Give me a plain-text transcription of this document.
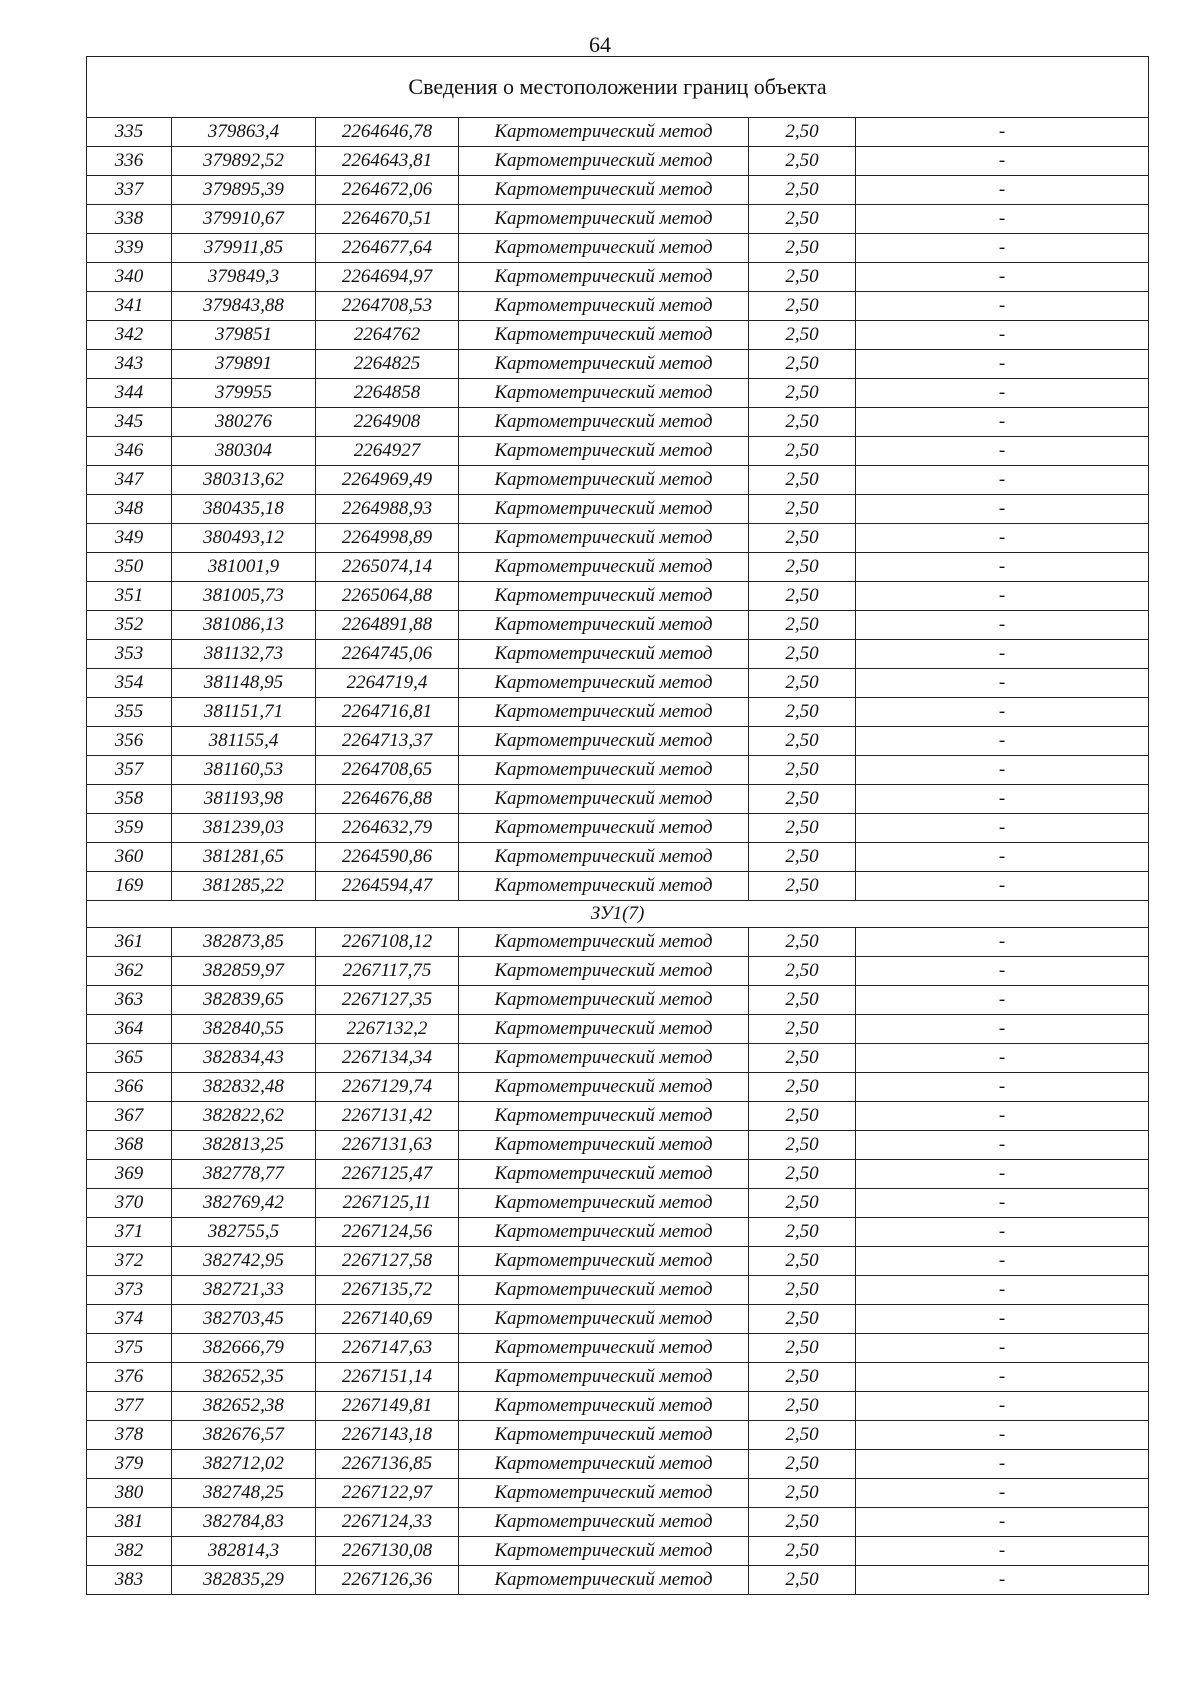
64
Сведения о местоположении границ объекта					
335	379863,4	2264646,78	Картометрический метод	2,50	-
336	379892,52	2264643,81	Картометрический метод	2,50	-
337	379895,39	2264672,06	Картометрический метод	2,50	-
338	379910,67	2264670,51	Картометрический метод	2,50	-
339	379911,85	2264677,64	Картометрический метод	2,50	-
340	379849,3	2264694,97	Картометрический метод	2,50	-
341	379843,88	2264708,53	Картометрический метод	2,50	-
342	379851	2264762	Картометрический метод	2,50	-
343	379891	2264825	Картометрический метод	2,50	-
344	379955	2264858	Картометрический метод	2,50	-
345	380276	2264908	Картометрический метод	2,50	-
346	380304	2264927	Картометрический метод	2,50	-
347	380313,62	2264969,49	Картометрический метод	2,50	-
348	380435,18	2264988,93	Картометрический метод	2,50	-
349	380493,12	2264998,89	Картометрический метод	2,50	-
350	381001,9	2265074,14	Картометрический метод	2,50	-
351	381005,73	2265064,88	Картометрический метод	2,50	-
352	381086,13	2264891,88	Картометрический метод	2,50	-
353	381132,73	2264745,06	Картометрический метод	2,50	-
354	381148,95	2264719,4	Картометрический метод	2,50	-
355	381151,71	2264716,81	Картометрический метод	2,50	-
356	381155,4	2264713,37	Картометрический метод	2,50	-
357	381160,53	2264708,65	Картометрический метод	2,50	-
358	381193,98	2264676,88	Картометрический метод	2,50	-
359	381239,03	2264632,79	Картометрический метод	2,50	-
360	381281,65	2264590,86	Картометрический метод	2,50	-
169	381285,22	2264594,47	Картометрический метод	2,50	-
ЗУ1(7)					
361	382873,85	2267108,12	Картометрический метод	2,50	-
362	382859,97	2267117,75	Картометрический метод	2,50	-
363	382839,65	2267127,35	Картометрический метод	2,50	-
364	382840,55	2267132,2	Картометрический метод	2,50	-
365	382834,43	2267134,34	Картометрический метод	2,50	-
366	382832,48	2267129,74	Картометрический метод	2,50	-
367	382822,62	2267131,42	Картометрический метод	2,50	-
368	382813,25	2267131,63	Картометрический метод	2,50	-
369	382778,77	2267125,47	Картометрический метод	2,50	-
370	382769,42	2267125,11	Картометрический метод	2,50	-
371	382755,5	2267124,56	Картометрический метод	2,50	-
372	382742,95	2267127,58	Картометрический метод	2,50	-
373	382721,33	2267135,72	Картометрический метод	2,50	-
374	382703,45	2267140,69	Картометрический метод	2,50	-
375	382666,79	2267147,63	Картометрический метод	2,50	-
376	382652,35	2267151,14	Картометрический метод	2,50	-
377	382652,38	2267149,81	Картометрический метод	2,50	-
378	382676,57	2267143,18	Картометрический метод	2,50	-
379	382712,02	2267136,85	Картометрический метод	2,50	-
380	382748,25	2267122,97	Картометрический метод	2,50	-
381	382784,83	2267124,33	Картометрический метод	2,50	-
382	382814,3	2267130,08	Картометрический метод	2,50	-
383	382835,29	2267126,36	Картометрический метод	2,50	-
